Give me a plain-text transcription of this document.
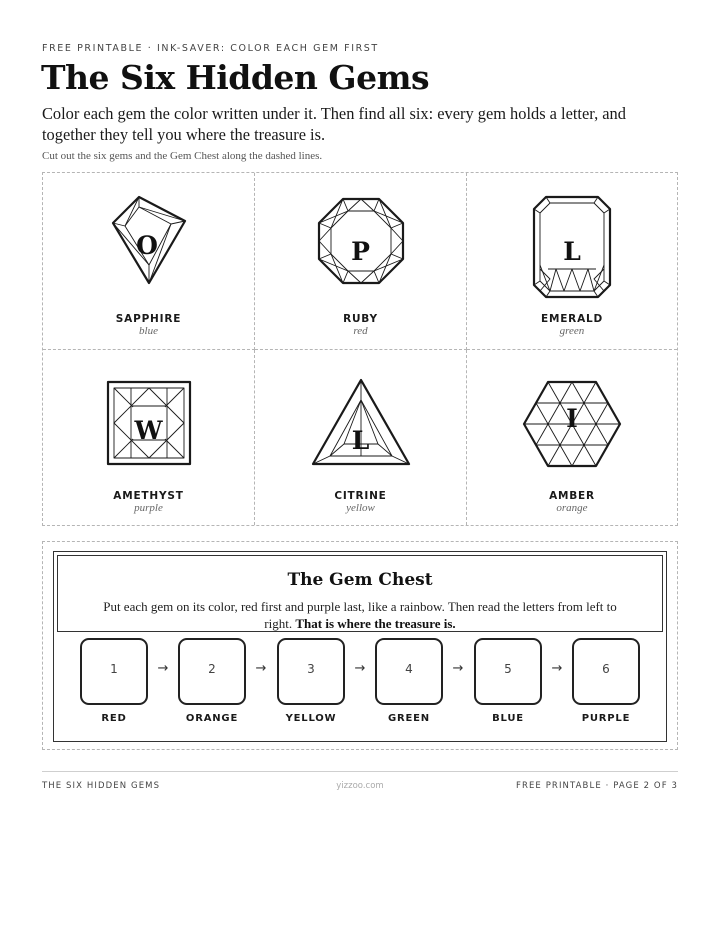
FREE PRINTABLE · INK-SAVER: COLOR EACH GEM FIRST
The Six Hidden Gems

Color each gem the color written under it. Then find all six: every gem holds a letter, and together they tell you where the treasure is.

Cut out the six gems and the Gem Chest along the dashed lines.

O
SAPPHIRE
blue
P
RUBY
red
L
EMERALD
green
W
AMETHYST
purple
L
CITRINE
yellow
I
AMBER
orange
The Gem Chest
Put each gem on its color, red first and purple last, like a rainbow. Then read the letters from left to right. That is where the treasure is.
1	→	2	→	3	→	4	→	5	→	6
RED	ORANGE	YELLOW	GREEN	BLUE	PURPLE
THE SIX HIDDEN GEMS	yizzoo.com	FREE PRINTABLE · PAGE 2 OF 3
